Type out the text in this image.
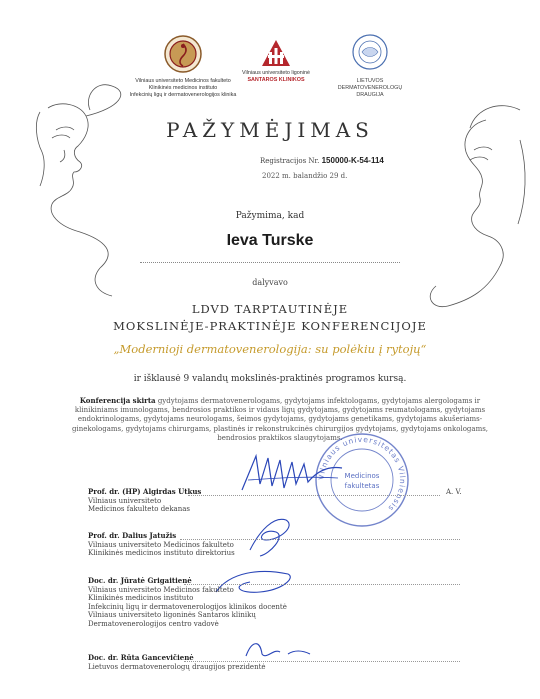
Vilniaus universiteto Medicinos fakulteto
Klinikinės medicinos instituto
Infekcinių ligų ir dermatovenerologijos klinika
Vilniaus universiteto ligoninė
SANTAROS KLINIKOS	LIETUVOS
DERMATOVENEROLOGŲ
DRAUGIJA
PAŽYMĖJIMAS
Registracijos Nr. 150000-K-54-114
2022 m. balandžio 29 d.
Pažymima, kad
Ieva Turske
dalyvavo
LDVD TARPTAUTINĖJE
MOKSLINĖJE-PRAKTINĖJE KONFERENCIJOJE
„Modernioji dermatovenerologija: su polėkiu į rytojų“
ir išklausė 9 valandų mokslinės-praktinės programos kursą.
Konferencija skirta gydytojams dermatovenerologams, gydytojams infektologams, gydytojams alergologams ir klinikiniams imunologams, bendrosios praktikos ir vidaus ligų gydytojams, gydytojams reumatologams, gydytojams endokrinologams, gydytojams neurologams, šeimos gydytojams, gydytojams genetikams, gydytojams akušeriams-ginekologams, gydytojams chirurgams, plastinės ir rekonstrukcinės chirurgijos gydytojams, gydytojams onkologams, bendrosios praktikos slaugytojams.
Vilniaus universitetas Vilniensis
Medicinos
fakultetas
Prof. dr. (HP) Algirdas Utkus
Vilniaus universiteto
Medicinos fakulteto dekanas
A. V.
Prof. dr. Dalius Jatužis
Vilniaus universiteto Medicinos fakulteto
Klinikinės medicinos instituto direktorius
Doc. dr. Jūratė Grigaitienė
Vilniaus universiteto Medicinos fakulteto
Klinikinės medicinos instituto
Infekcinių ligų ir dermatovenerologijos klinikos docentė
Vilniaus universiteto ligoninės Santaros klinikų
Dermatovenerologijos centro vadovė
Doc. dr. Rūta Gancevičienė
Lietuvos dermatovenerologų draugijos prezidentė
